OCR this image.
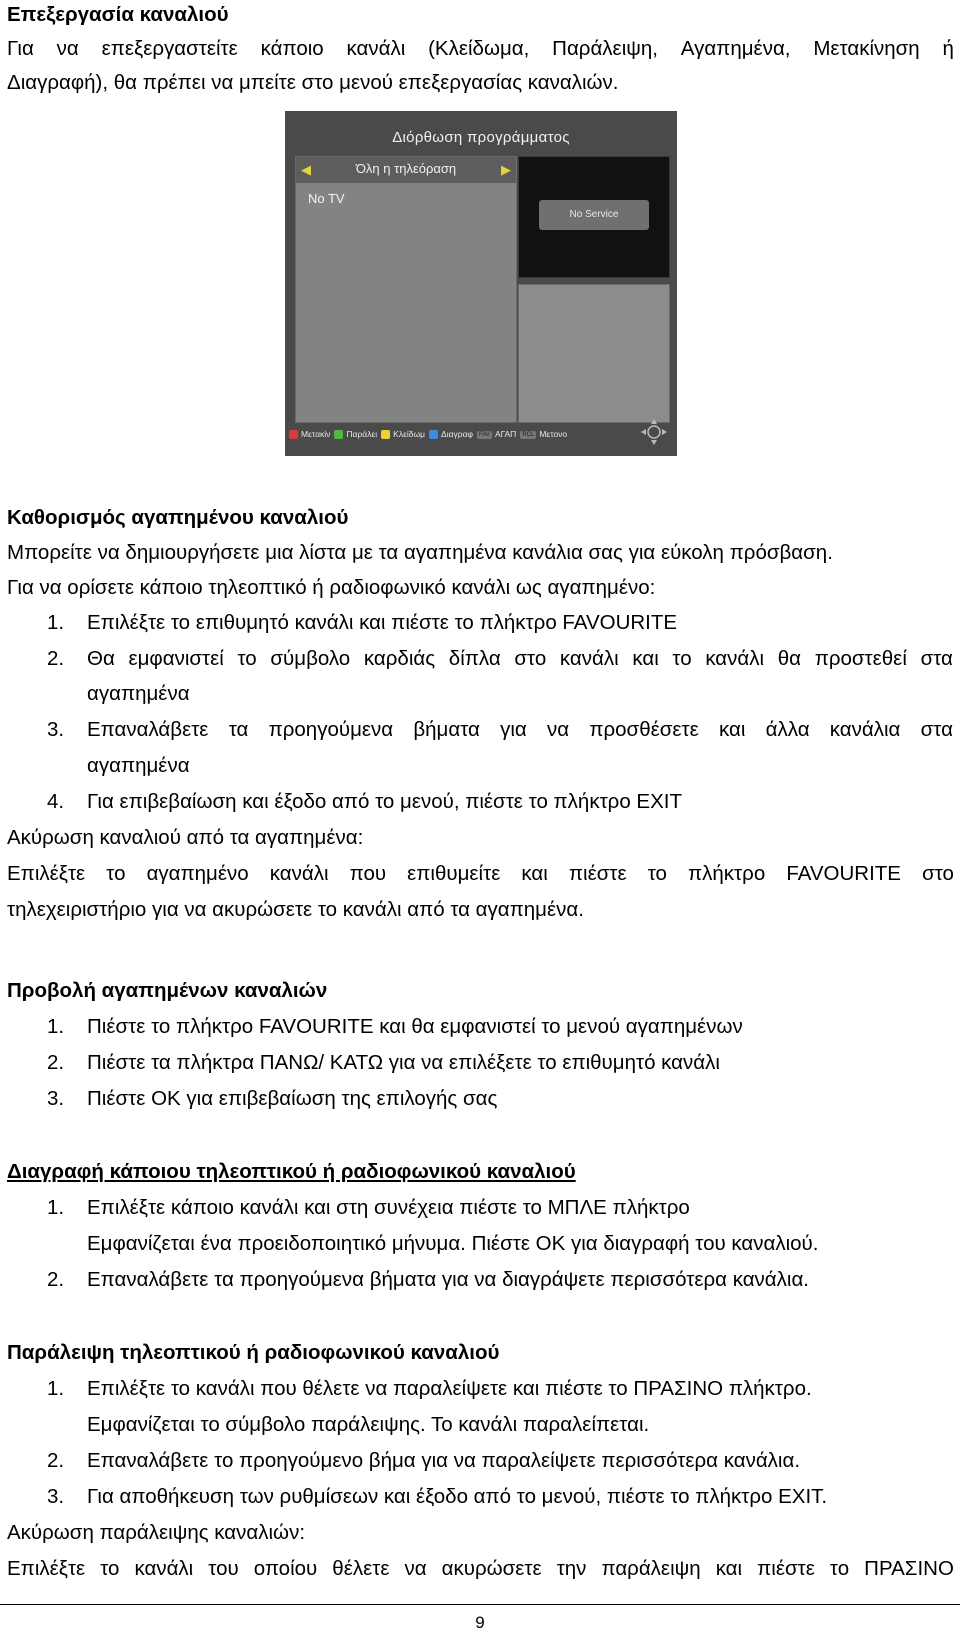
Επεξεργασία καναλιού
Για να επεξεργαστείτε κάποιο κανάλι (Κλείδωμα, Παράλειψη, Αγαπημένα, Μετακίνηση ή
Διαγραφή), θα πρέπει να μπείτε στο μενού επεξεργασίας καναλιών.
Διόρθωση προγράμματος
◀	Όλη η τηλεόραση	▶
No TV
No Service
Μετακίν	Παράλει	Κλείδωμ	Διαγραφ	FAV ΑΓΑΠ	RCL Μετονο
Καθορισμός αγαπημένου καναλιού
Μπορείτε να δημιουργήσετε μια λίστα με τα αγαπημένα κανάλια σας για εύκολη πρόσβαση.
Για να ορίσετε κάποιο τηλεοπτικό ή ραδιοφωνικό κανάλι ως αγαπημένο:
1. Επιλέξτε το επιθυμητό κανάλι και πιέστε το πλήκτρο FAVOURITE
2. Θα εμφανιστεί το σύμβολο καρδιάς δίπλα στο κανάλι και το κανάλι θα προστεθεί στα
αγαπημένα
3. Επαναλάβετε τα προηγούμενα βήματα για να προσθέσετε και άλλα κανάλια στα
αγαπημένα
4. Για επιβεβαίωση και έξοδο από το μενού, πιέστε το πλήκτρο EXIT
Ακύρωση καναλιού από τα αγαπημένα:
Επιλέξτε το αγαπημένο κανάλι που επιθυμείτε και πιέστε το πλήκτρο FAVOURITE στο
τηλεχειριστήριο για να ακυρώσετε το κανάλι από τα αγαπημένα.
Προβολή αγαπημένων καναλιών
1. Πιέστε το πλήκτρο FAVOURITE και θα εμφανιστεί το μενού αγαπημένων
2. Πιέστε τα πλήκτρα ΠΑΝΩ/ ΚΑΤΩ για να επιλέξετε το επιθυμητό κανάλι
3. Πιέστε OK για επιβεβαίωση της επιλογής σας
Διαγραφή κάποιου τηλεοπτικού ή ραδιοφωνικού καναλιού
1. Επιλέξτε κάποιο κανάλι και στη συνέχεια πιέστε το ΜΠΛΕ πλήκτρο
Εμφανίζεται ένα προειδοποιητικό μήνυμα. Πιέστε OK για διαγραφή του καναλιού.
2. Επαναλάβετε τα προηγούμενα βήματα για να διαγράψετε περισσότερα κανάλια.
Παράλειψη τηλεοπτικού ή ραδιοφωνικού καναλιού
1. Επιλέξτε το κανάλι που θέλετε να παραλείψετε και πιέστε το ΠΡΑΣΙΝΟ πλήκτρο.
Εμφανίζεται το σύμβολο παράλειψης. Το κανάλι παραλείπεται.
2. Επαναλάβετε το προηγούμενο βήμα για να παραλείψετε περισσότερα κανάλια.
3. Για αποθήκευση των ρυθμίσεων και έξοδο από το μενού, πιέστε το πλήκτρο EXIT.
Ακύρωση παράλειψης καναλιών:
Επιλέξτε το κανάλι του οποίου θέλετε να ακυρώσετε την παράλειψη και πιέστε το ΠΡΑΣΙΝΟ
9
